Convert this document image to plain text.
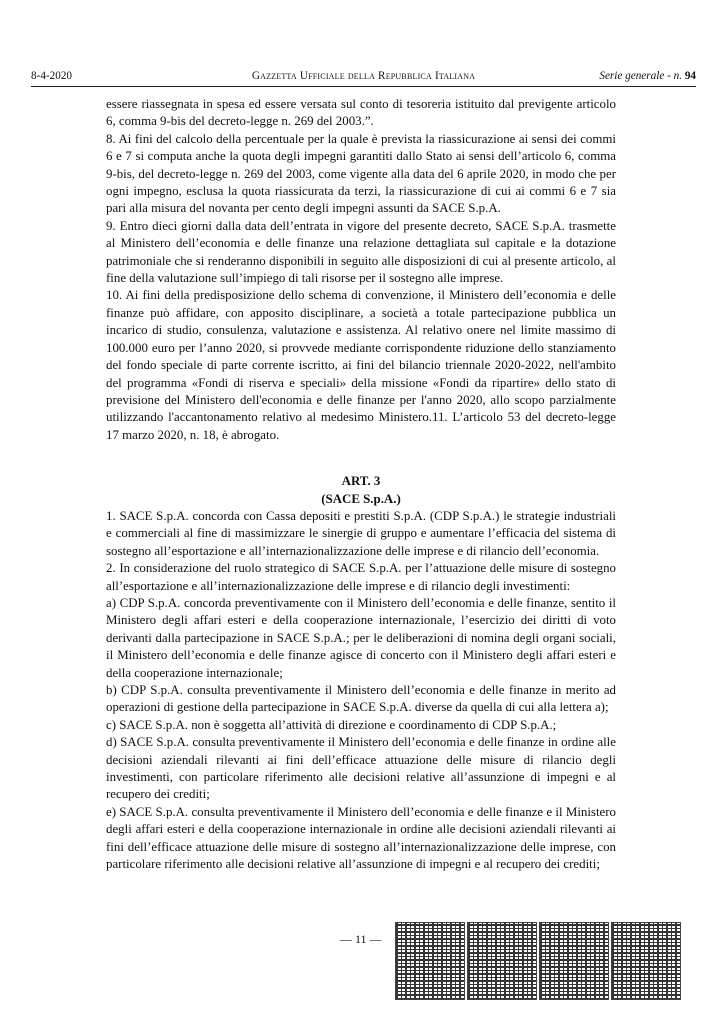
8-4-2020	Gazzetta Ufficiale della Repubblica Italiana	Serie generale - n. 94

essere riassegnata in spesa ed essere versata sul conto di tesoreria istituito dal previgente articolo 6, comma 9-bis del decreto-legge n. 269 del 2003.”.

8. Ai fini del calcolo della percentuale per la quale è prevista la riassicurazione ai sensi dei commi 6 e 7 si computa anche la quota degli impegni garantiti dallo Stato ai sensi dell’articolo 6, comma 9-bis, del decreto-legge n. 269 del 2003, come vigente alla data del 6 aprile 2020, in modo che per ogni impegno, esclusa la quota riassicurata da terzi, la riassicurazione di cui ai commi 6 e 7 sia pari alla misura del novanta per cento degli impegni assunti da SACE S.p.A.

9. Entro dieci giorni dalla data dell’entrata in vigore del presente decreto, SACE S.p.A. trasmette al Ministero dell’economia e delle finanze una relazione dettagliata sul capitale e la dotazione patrimoniale che si renderanno disponibili in seguito alle disposizioni di cui al presente articolo, al fine della valutazione sull’impiego di tali risorse per il sostegno alle imprese.

10. Ai fini della predisposizione dello schema di convenzione, il Ministero dell’economia e delle finanze può affidare, con apposito disciplinare, a società a totale partecipazione pubblica un incarico di studio, consulenza, valutazione e assistenza. Al relativo onere nel limite massimo di 100.000 euro per l’anno 2020, si provvede mediante corrispondente riduzione dello stanziamento del fondo speciale di parte corrente iscritto, ai fini del bilancio triennale 2020-2022, nell'ambito del programma «Fondi di riserva e speciali» della missione «Fondi da ripartire» dello stato di previsione del Ministero dell'economia e delle finanze per l'anno 2020, allo scopo parzialmente utilizzando l'accantonamento relativo al medesimo Ministero.11. L’articolo 53 del decreto-legge 17 marzo 2020, n. 18, è abrogato.

ART. 3

(SACE S.p.A.)

1. SACE S.p.A. concorda con Cassa depositi e prestiti S.p.A. (CDP S.p.A.) le strategie industriali e commerciali al fine di massimizzare le sinergie di gruppo e aumentare l’efficacia del sistema di sostegno all’esportazione e all’internazionalizzazione delle imprese e di rilancio dell’economia.

2. In considerazione del ruolo strategico di SACE S.p.A. per l’attuazione delle misure di sostegno all’esportazione e all’internazionalizzazione delle imprese e di rilancio degli investimenti:

a) CDP S.p.A. concorda preventivamente con il Ministero dell’economia e delle finanze, sentito il Ministero degli affari esteri e della cooperazione internazionale, l’esercizio dei diritti di voto derivanti dalla partecipazione in SACE S.p.A.; per le deliberazioni di nomina degli organi sociali, il Ministero dell’economia e delle finanze agisce di concerto con il Ministero degli affari esteri e della cooperazione internazionale;

b) CDP S.p.A. consulta preventivamente il Ministero dell’economia e delle finanze in merito ad operazioni di gestione della partecipazione in SACE S.p.A. diverse da quella di cui alla lettera a);

c) SACE S.p.A. non è soggetta all’attività di direzione e coordinamento di CDP S.p.A.;

d) SACE S.p.A. consulta preventivamente il Ministero dell’economia e delle finanze in ordine alle decisioni aziendali rilevanti ai fini dell’efficace attuazione delle misure di rilancio degli investimenti, con particolare riferimento alle decisioni relative all’assunzione di impegni e al recupero dei crediti;

e) SACE S.p.A. consulta preventivamente il Ministero dell’economia e delle finanze e il Ministero degli affari esteri e della cooperazione internazionale in ordine alle decisioni aziendali rilevanti ai fini dell’efficace attuazione delle misure di sostegno all’internazionalizzazione delle imprese, con particolare riferimento alle decisioni relative all’assunzione di impegni e al recupero dei crediti;

— 11 —
